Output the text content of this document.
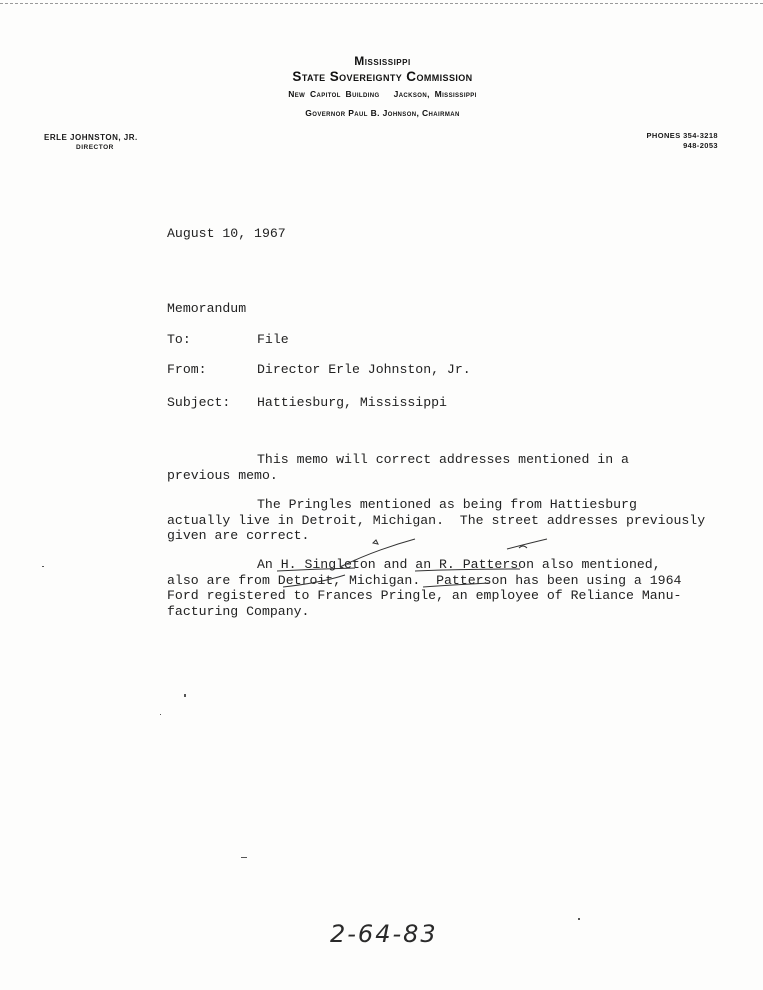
Mississippi
State Sovereignty Commission
New Capitol Building Jackson, Mississippi
Governor Paul B. Johnson, Chairman
ERLE JOHNSTON, JR.
DIRECTOR
PHONES 354-3218
948-2053
August 10, 1967
Memorandum
To:	File
From:	Director Erle Johnston, Jr.
Subject: Hattiesburg, Mississippi
This memo will correct addresses mentioned in a
previous memo.
The Pringles mentioned as being from Hattiesburg
actually live in Detroit, Michigan.  The street addresses previously
given are correct.
An H. Singleton and an R. Patterson also mentioned,
also are from Detroit, Michigan.  Patterson has been using a 1964
Ford registered to Frances Pringle, an employee of Reliance Manu-
facturing Company.
2-64-83
